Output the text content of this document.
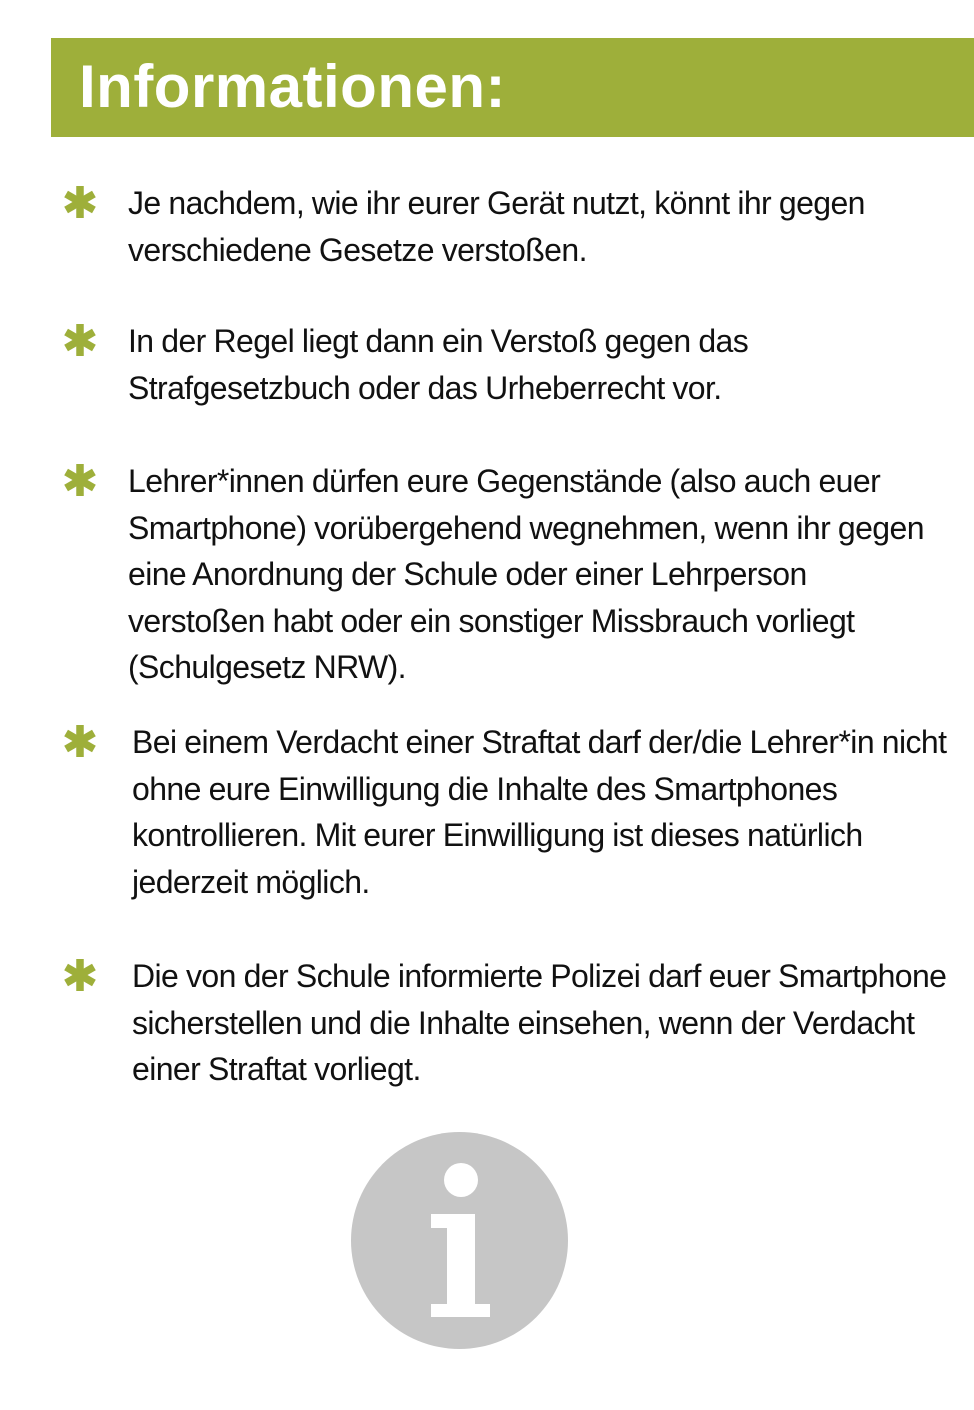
Informationen:

Je nachdem, wie ihr eurer Gerät nutzt, könnt ihr gegen verschiedene Gesetze verstoßen.

In der Regel liegt dann ein Verstoß gegen das Strafgesetzbuch oder das Urheberrecht vor.

Lehrer*innen dürfen eure Gegenstände (also auch euer Smartphone) vorübergehend wegnehmen, wenn ihr gegen eine Anordnung der Schule oder einer Lehrperson verstoßen habt oder ein sonstiger Missbrauch vorliegt (Schulgesetz NRW).

Bei einem Verdacht einer Straftat darf der/die Lehrer*in nicht ohne eure Einwilligung die Inhalte des Smartphones kontrollieren. Mit eurer Einwilligung ist dieses natürlich jederzeit möglich.

Die von der Schule informierte Polizei darf euer Smartphone sicherstellen und die Inhalte einsehen, wenn der Verdacht einer Straftat vorliegt.
